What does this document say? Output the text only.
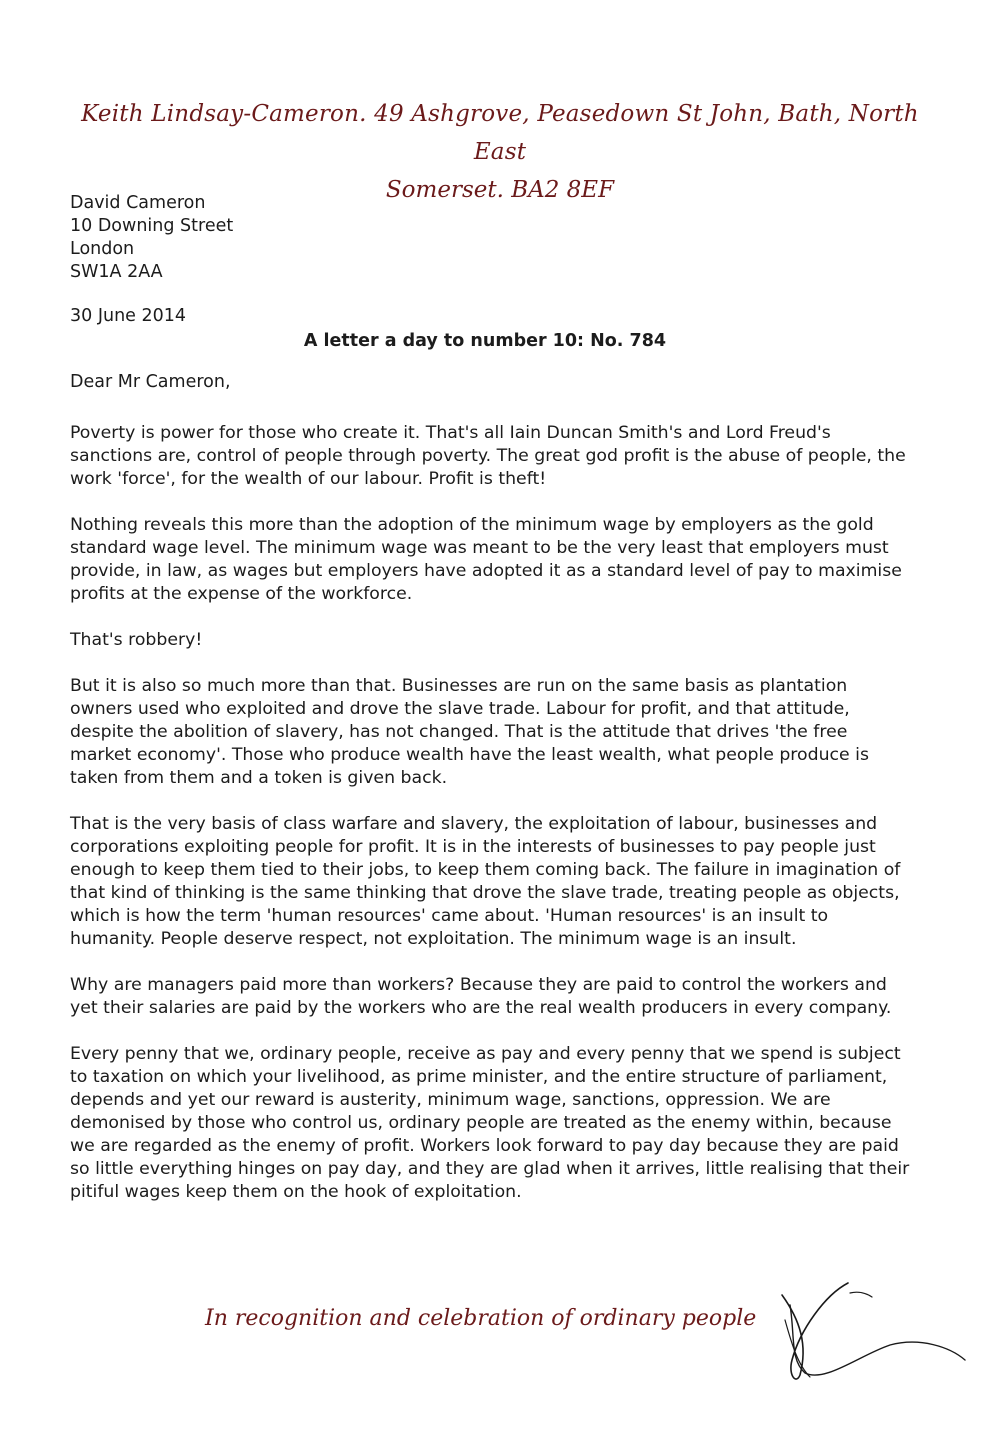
Keith Lindsay-Cameron. 49 Ashgrove, Peasedown St John, Bath, North East
Somerset. BA2 8EF
David Cameron
10 Downing Street
London
SW1A 2AA
30 June 2014
A letter a day to number 10: No. 784
Dear Mr Cameron,

Poverty is power for those who create it. That's all Iain Duncan Smith's and Lord Freud's sanctions are, control of people through poverty. The great god profit is the abuse of people, the work 'force', for the wealth of our labour. Profit is theft!

Nothing reveals this more than the adoption of the minimum wage by employers as the gold standard wage level. The minimum wage was meant to be the very least that employers must provide, in law, as wages but employers have adopted it as a standard level of pay to maximise profits at the expense of the workforce.

That's robbery!

But it is also so much more than that. Businesses are run on the same basis as plantation owners used who exploited and drove the slave trade. Labour for profit, and that attitude, despite the abolition of slavery, has not changed. That is the attitude that drives 'the free market economy'. Those who produce wealth have the least wealth, what people produce is taken from them and a token is given back.

That is the very basis of class warfare and slavery, the exploitation of labour, businesses and corporations exploiting people for profit. It is in the interests of businesses to pay people just enough to keep them tied to their jobs, to keep them coming back. The failure in imagination of that kind of thinking is the same thinking that drove the slave trade, treating people as objects, which is how the term 'human resources' came about. 'Human resources' is an insult to humanity. People deserve respect, not exploitation. The minimum wage is an insult.

Why are managers paid more than workers? Because they are paid to control the workers and yet their salaries are paid by the workers who are the real wealth producers in every company.

Every penny that we, ordinary people, receive as pay and every penny that we spend is subject to taxation on which your livelihood, as prime minister, and the entire structure of parliament, depends and yet our reward is austerity, minimum wage, sanctions, oppression. We are demonised by those who control us, ordinary people are treated as the enemy within, because we are regarded as the enemy of profit. Workers look forward to pay day because they are paid so little everything hinges on pay day, and they are glad when it arrives, little realising that their pitiful wages keep them on the hook of exploitation.

In recognition and celebration of ordinary people
